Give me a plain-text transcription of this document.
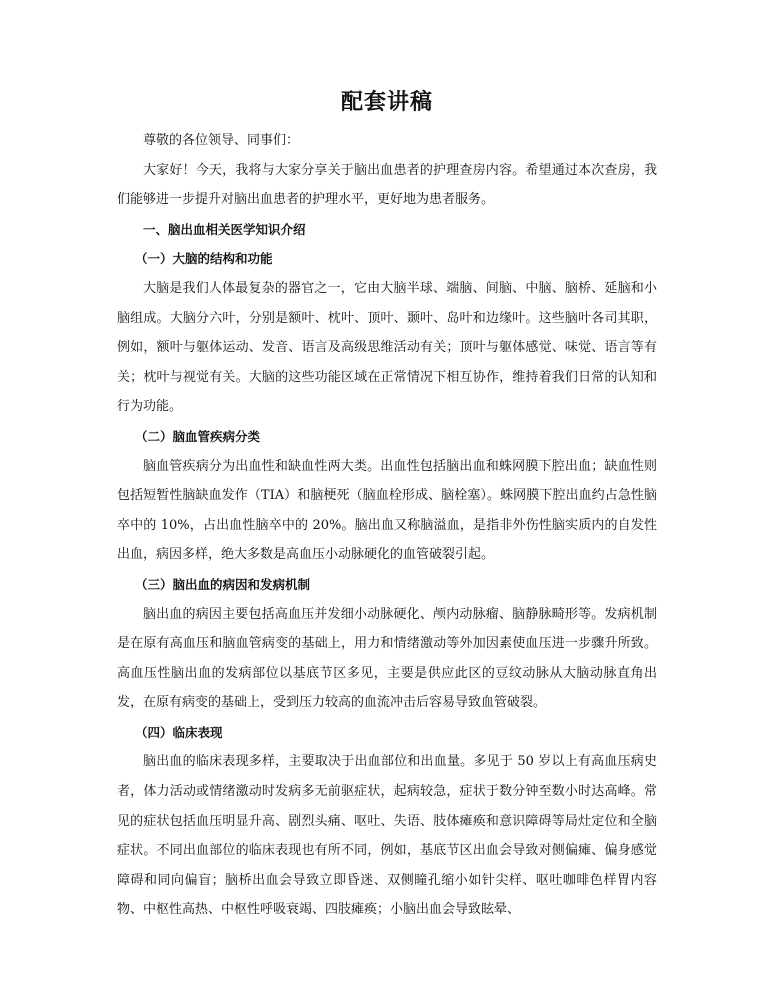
配套讲稿

尊敬的各位领导、同事们：

大家好！今天，我将与大家分享关于脑出血患者的护理查房内容。希望通过本次查房，我们能够进一步提升对脑出血患者的护理水平，更好地为患者服务。

一、脑出血相关医学知识介绍

（一）大脑的结构和功能

大脑是我们人体最复杂的器官之一，它由大脑半球、端脑、间脑、中脑、脑桥、延脑和小脑组成。大脑分六叶，分别是额叶、枕叶、顶叶、颞叶、岛叶和边缘叶。这些脑叶各司其职，例如，额叶与躯体运动、发音、语言及高级思维活动有关；顶叶与躯体感觉、味觉、语言等有关；枕叶与视觉有关。大脑的这些功能区域在正常情况下相互协作，维持着我们日常的认知和行为功能。

（二）脑血管疾病分类

脑血管疾病分为出血性和缺血性两大类。出血性包括脑出血和蛛网膜下腔出血；缺血性则包括短暂性脑缺血发作（TIA）和脑梗死（脑血栓形成、脑栓塞）。蛛网膜下腔出血约占急性脑卒中的 10%，占出血性脑卒中的 20%。脑出血又称脑溢血，是指非外伤性脑实质内的自发性出血，病因多样，绝大多数是高血压小动脉硬化的血管破裂引起。

（三）脑出血的病因和发病机制

脑出血的病因主要包括高血压并发细小动脉硬化、颅内动脉瘤、脑静脉畸形等。发病机制是在原有高血压和脑血管病变的基础上，用力和情绪激动等外加因素使血压进一步骤升所致。高血压性脑出血的发病部位以基底节区多见，主要是供应此区的豆纹动脉从大脑动脉直角出发，在原有病变的基础上，受到压力较高的血流冲击后容易导致血管破裂。

（四）临床表现

脑出血的临床表现多样，主要取决于出血部位和出血量。多见于 50 岁以上有高血压病史者，体力活动或情绪激动时发病多无前驱症状，起病较急，症状于数分钟至数小时达高峰。常见的症状包括血压明显升高、剧烈头痛、呕吐、失语、肢体瘫痪和意识障碍等局灶定位和全脑症状。不同出血部位的临床表现也有所不同，例如，基底节区出血会导致对侧偏瘫、偏身感觉障碍和同向偏盲；脑桥出血会导致立即昏迷、双侧瞳孔缩小如针尖样、呕吐咖啡色样胃内容物、中枢性高热、中枢性呼吸衰竭、四肢瘫痪；小脑出血会导致眩晕、
